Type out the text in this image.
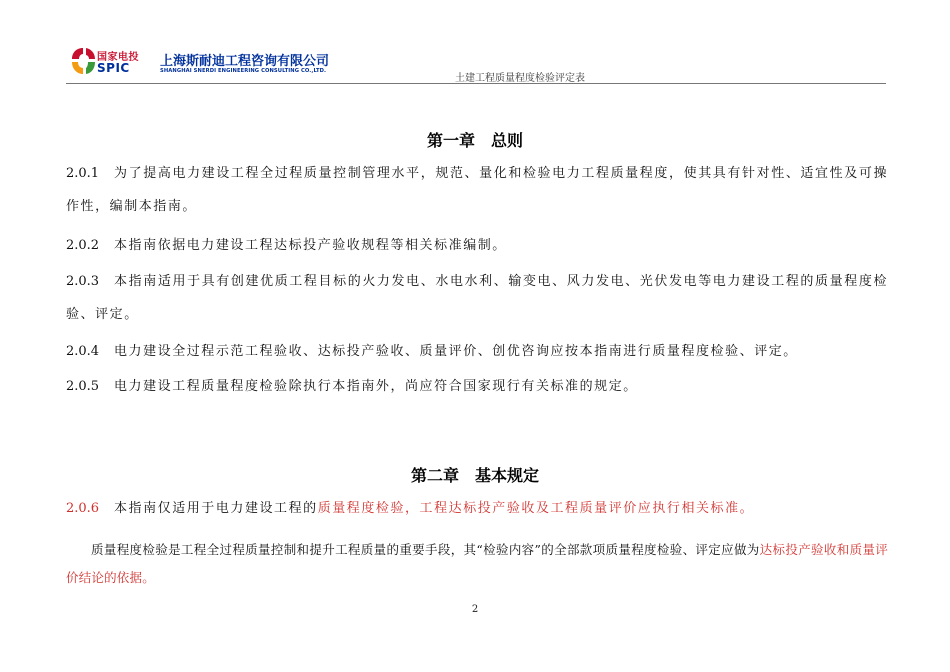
国家电投
SPIC 上海斯耐迪工程咨询有限公司
SHANGHAI SNERDI ENGINEERING CONSULTING CO.,LTD.
土建工程质量程度检验评定表
第一章　总则
2.0.1 为了提高电力建设工程全过程质量控制管理水平，规范、量化和检验电力工程质量程度，使其具有针对性、适宜性及可操作性，编制本指南。
2.0.2 本指南依据电力建设工程达标投产验收规程等相关标准编制。
2.0.3 本指南适用于具有创建优质工程目标的火力发电、水电水利、输变电、风力发电、光伏发电等电力建设工程的质量程度检验、评定。
2.0.4 电力建设全过程示范工程验收、达标投产验收、质量评价、创优咨询应按本指南进行质量程度检验、评定。
2.0.5 电力建设工程质量程度检验除执行本指南外，尚应符合国家现行有关标准的规定。
第二章　基本规定
2.0.6 本指南仅适用于电力建设工程的质量程度检验，工程达标投产验收及工程质量评价应执行相关标准。
质量程度检验是工程全过程质量控制和提升工程质量的重要手段，其“检验内容”的全部款项质量程度检验、评定应做为达标投产验收和质量评价结论的依据。
2
